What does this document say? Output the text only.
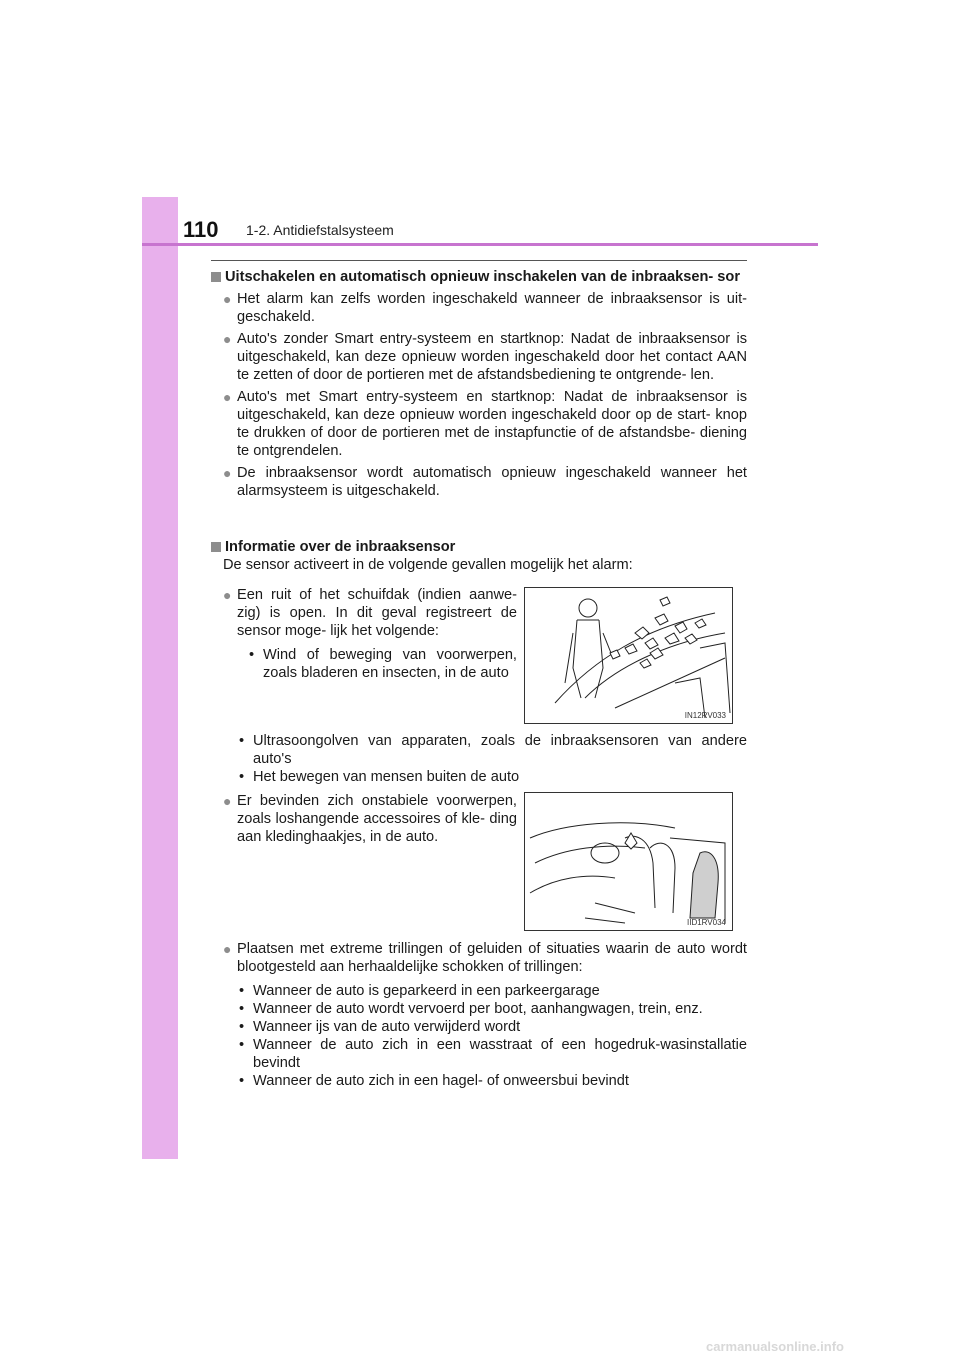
110 1-2. Antidiefstalsysteem

Uitschakelen en automatisch opnieuw inschakelen van de inbraaksen- sor

● Het alarm kan zelfs worden ingeschakeld wanneer de inbraaksensor is uit- geschakeld.
● Auto's zonder Smart entry-systeem en startknop: Nadat de inbraaksensor is uitgeschakeld, kan deze opnieuw worden ingeschakeld door het contact AAN te zetten of door de portieren met de afstandsbediening te ontgrende- len.
● Auto's met Smart entry-systeem en startknop: Nadat de inbraaksensor is uitgeschakeld, kan deze opnieuw worden ingeschakeld door op de start- knop te drukken of door de portieren met de instapfunctie of de afstandsbe- diening te ontgrendelen.
● De inbraaksensor wordt automatisch opnieuw ingeschakeld wanneer het alarmsysteem is uitgeschakeld.

Informatie over de inbraaksensor

De sensor activeert in de volgende gevallen mogelijk het alarm:

● Een ruit of het schuifdak (indien aanwe- zig) is open. In dit geval registreert de sensor moge- lijk het volgende:
• Wind of beweging van voorwerpen, zoals bladeren en insecten, in de auto
IN12RV033
• Ultrasoongolven van apparaten, zoals de inbraaksensoren van andere auto's
• Het bewegen van mensen buiten de auto
● Er bevinden zich onstabiele voorwerpen, zoals loshangende accessoires of kle- ding aan kledinghaakjes, in de auto.
IID1RV034
● Plaatsen met extreme trillingen of geluiden of situaties waarin de auto wordt blootgesteld aan herhaaldelijke schokken of trillingen:
• Wanneer de auto is geparkeerd in een parkeergarage
• Wanneer de auto wordt vervoerd per boot, aanhangwagen, trein, enz.
• Wanneer ijs van de auto verwijderd wordt
• Wanneer de auto zich in een wasstraat of een hogedruk-wasinstallatie bevindt
• Wanneer de auto zich in een hagel- of onweersbui bevindt
carmanualsonline.info
